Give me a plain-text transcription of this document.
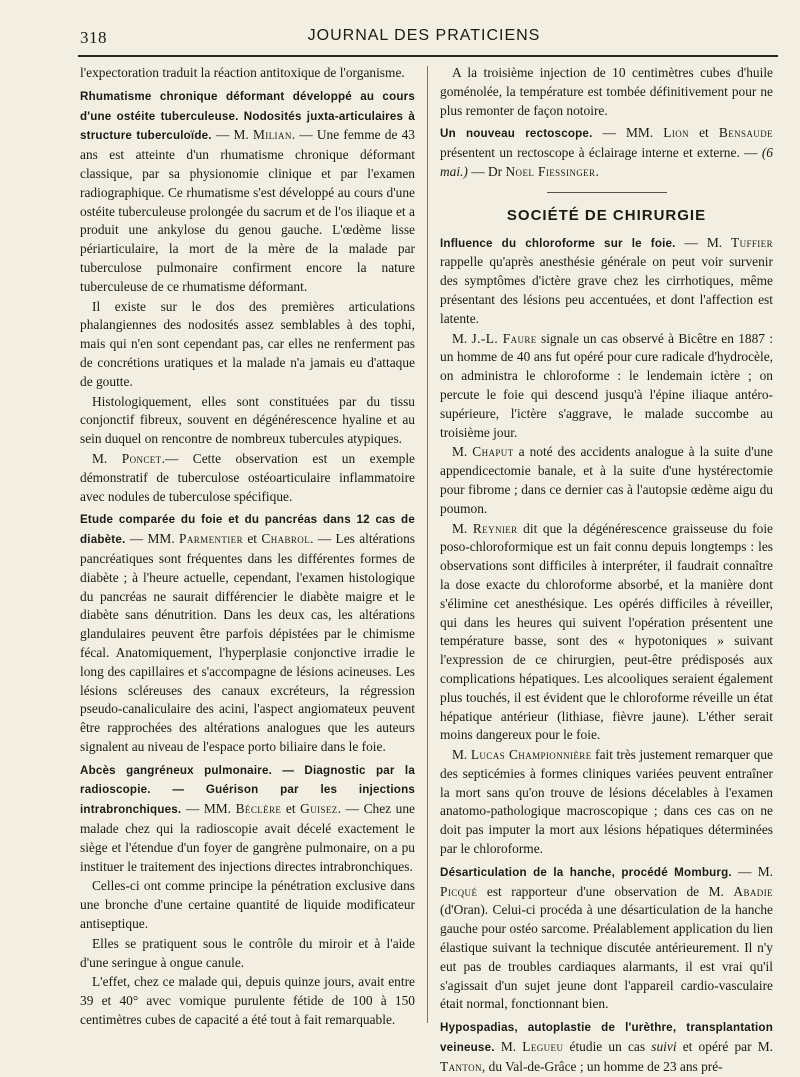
318	JOURNAL DES PRATICIENS

l'expectoration traduit la réaction antitoxique de l'organisme.

Rhumatisme chronique déformant développé au cours d'une ostéite tuberculeuse. Nodosités juxta-articulaires à structure tuberculoïde. — M. Milian. — Une femme de 43 ans est atteinte d'un rhumatisme chronique déformant classique, par sa physionomie clinique et par l'examen radiographique. Ce rhumatisme s'est développé au cours d'une ostéite tuberculeuse prolongée du sacrum et de l'os iliaque et a produit une ankylose du genou gauche. L'œdème lisse périarticulaire, la mort de la mère de la malade par tuberculose pulmonaire confirment encore la nature tuberculeuse de ce rhumatisme déformant.

Il existe sur le dos des premières articulations phalangiennes des nodosités assez semblables à des tophi, mais qui n'en sont cependant pas, car elles ne renferment pas de concrétions uratiques et la malade n'a jamais eu d'attaque de goutte.

Histologiquement, elles sont constituées par du tissu conjonctif fibreux, souvent en dégénérescence hyaline et au sein duquel on rencontre de nombreux tubercules atypiques.

M. Poncet.— Cette observation est un exemple démonstratif de tuberculose ostéoarticulaire inflammatoire avec nodules de tuberculose spécifique.

Etude comparée du foie et du pancréas dans 12 cas de diabète. — MM. Parmentier et Chabrol. — Les altérations pancréatiques sont fréquentes dans les différentes formes de diabète ; à l'heure actuelle, cependant, l'examen histologique du pancréas ne saurait différencier le diabète maigre et le diabète sans dénutrition. Dans les deux cas, les altérations glandulaires peuvent être parfois dépistées par le chimisme fécal. Anatomiquement, l'hyperplasie conjonctive irradie le long des capillaires et s'accompagne de lésions acineuses. Les lésions scléreuses des canaux excréteurs, la régression pseudo-canaliculaire des acini, l'aspect angiomateux peuvent être rapprochées des altérations analogues que les auteurs signalent au niveau de l'espace porto biliaire dans le foie.

Abcès gangréneux pulmonaire. — Diagnostic par la radioscopie. — Guérison par les injections intrabronchiques. — MM. Béclère et Guisez. — Chez une malade chez qui la radioscopie avait décelé exactement le siège et l'étendue d'un foyer de gangrène pulmonaire, on a pu instituer le traitement des injections directes intrabronchiques.

Celles-ci ont comme principe la pénétration exclusive dans une bronche d'une certaine quantité de liquide modificateur antiseptique.

Elles se pratiquent sous le contrôle du miroir et à l'aide d'une seringue à ongue canule.

L'effet, chez ce malade qui, depuis quinze jours, avait entre 39 et 40° avec vomique purulente fétide de 100 à 150 centimètres cubes de capacité a été tout à fait remarquable.

A la troisième injection de 10 centimètres cubes d'huile goménolée, la température est tombée définitivement pour ne plus remonter de façon notoire.

Un nouveau rectoscope. — MM. Lion et Bensaude présentent un rectoscope à éclairage interne et externe. — (6 mai.) — Dr Noel Fiessinger.

SOCIÉTÉ DE CHIRURGIE

Influence du chloroforme sur le foie. — M. Tuffier rappelle qu'après anesthésie générale on peut voir survenir des symptômes d'ictère grave chez les cirrhotiques, même présentant des lésions peu accentuées, et dont l'affection est latente.

M. J.-L. Faure signale un cas observé à Bicêtre en 1887 : un homme de 40 ans fut opéré pour cure radicale d'hydrocèle, on administra le chloroforme : le lendemain ictère ; on percute le foie qui descend jusqu'à l'épine iliaque antéro-supérieure, l'ictère s'aggrave, le malade succombe au troisième jour.

M. Chaput a noté des accidents analogue à la suite d'une appendicectomie banale, et à la suite d'une hystérectomie pour fibrome ; dans ce dernier cas à l'autopsie œdème aigu du poumon.

M. Reynier dit que la dégénérescence graisseuse du foie poso-chloroformique est un fait connu depuis longtemps : les observations sont difficiles à interpréter, il faudrait connaître la dose exacte du chloroforme absorbé, et la manière dont s'élimine cet anesthésique. Les opérés difficiles à réveiller, qui dans les heures qui suivent l'opération présentent une température basse, sont des « hypotoniques » suivant l'expression de ce chirurgien, peut-être prédisposés aux complications hépatiques. Les alcooliques seraient également plus touchés, il est évident que le chloroforme réveille un état hépatique antérieur (lithiase, fièvre jaune). L'éther serait moins dangereux pour le foie.

M. Lucas Championnière fait très justement remarquer que des septicémies à formes cliniques variées peuvent entraîner la mort sans qu'on trouve de lésions décelables à l'examen anatomo-pathologique macroscopique ; dans ces cas on ne doit pas imputer la mort aux lésions hépatiques déterminées par le chloroforme.

Désarticulation de la hanche, procédé Momburg. — M. Picqué est rapporteur d'une observation de M. Abadie (d'Oran). Celui-ci procéda à une désarticulation de la hanche gauche pour ostéo sarcome. Préalablement application du lien élastique suivant la technique discutée antérieurement. Il n'y eut pas de troubles cardiaques alarmants, il est vrai qu'il s'agissait d'un sujet jeune dont l'appareil cardio-vasculaire était normal, fonctionnant bien.

Hypospadias, autoplastie de l'urèthre, transplantation veineuse. M. Legueu étudie un cas suivi et opéré par M. Tanton, du Val-de-Grâce ; un homme de 23 ans pré-
